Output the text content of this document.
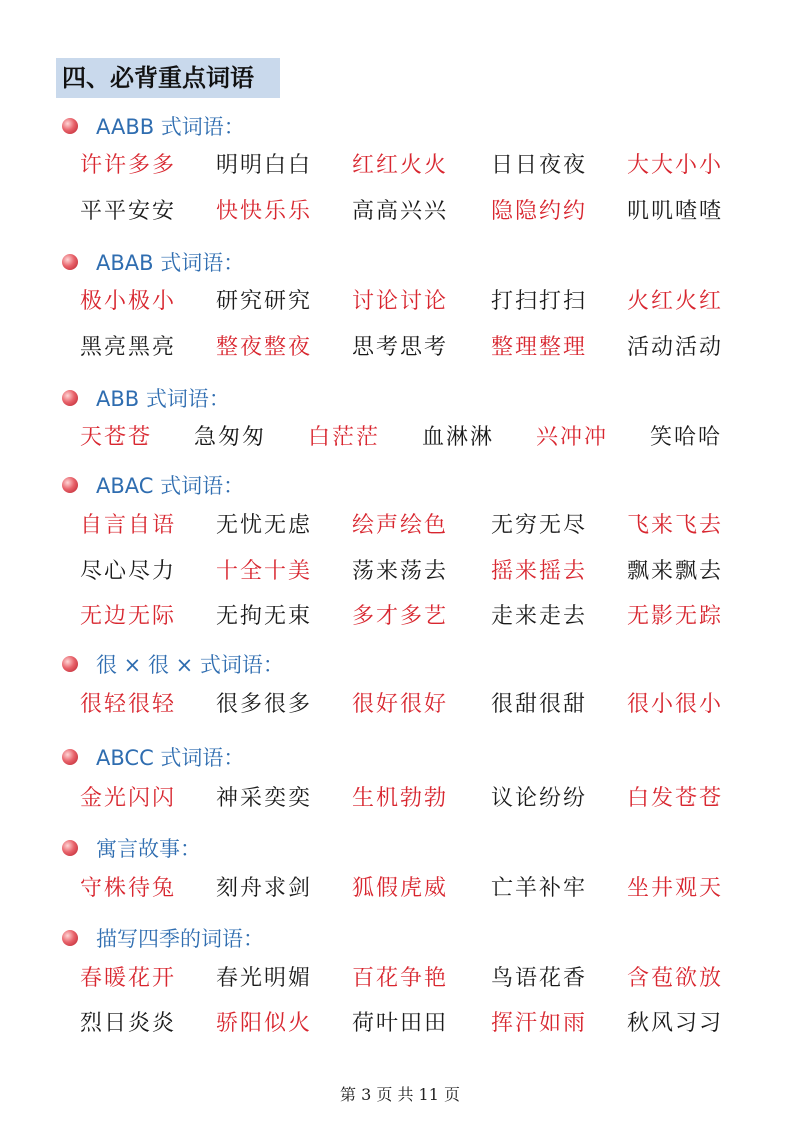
四、必背重点词语
AABB 式词语：
许许多多 明明白白 红红火火 日日夜夜 大大小小
平平安安 快快乐乐 高高兴兴 隐隐约约 叽叽喳喳
ABAB 式词语：
极小极小 研究研究 讨论讨论 打扫打扫 火红火红
黑亮黑亮 整夜整夜 思考思考 整理整理 活动活动
ABB 式词语：
天苍苍 急匆匆 白茫茫 血淋淋 兴冲冲 笑哈哈
ABAC 式词语：
自言自语 无忧无虑 绘声绘色 无穷无尽 飞来飞去
尽心尽力 十全十美 荡来荡去 摇来摇去 飘来飘去
无边无际 无拘无束 多才多艺 走来走去 无影无踪
很 × 很 × 式词语：
很轻很轻 很多很多 很好很好 很甜很甜 很小很小
ABCC 式词语：
金光闪闪 神采奕奕 生机勃勃 议论纷纷 白发苍苍
寓言故事：
守株待兔 刻舟求剑 狐假虎威 亡羊补牢 坐井观天
描写四季的词语：
春暖花开 春光明媚 百花争艳 鸟语花香 含苞欲放
烈日炎炎 骄阳似火 荷叶田田 挥汗如雨 秋风习习
第 3 页 共 11 页
